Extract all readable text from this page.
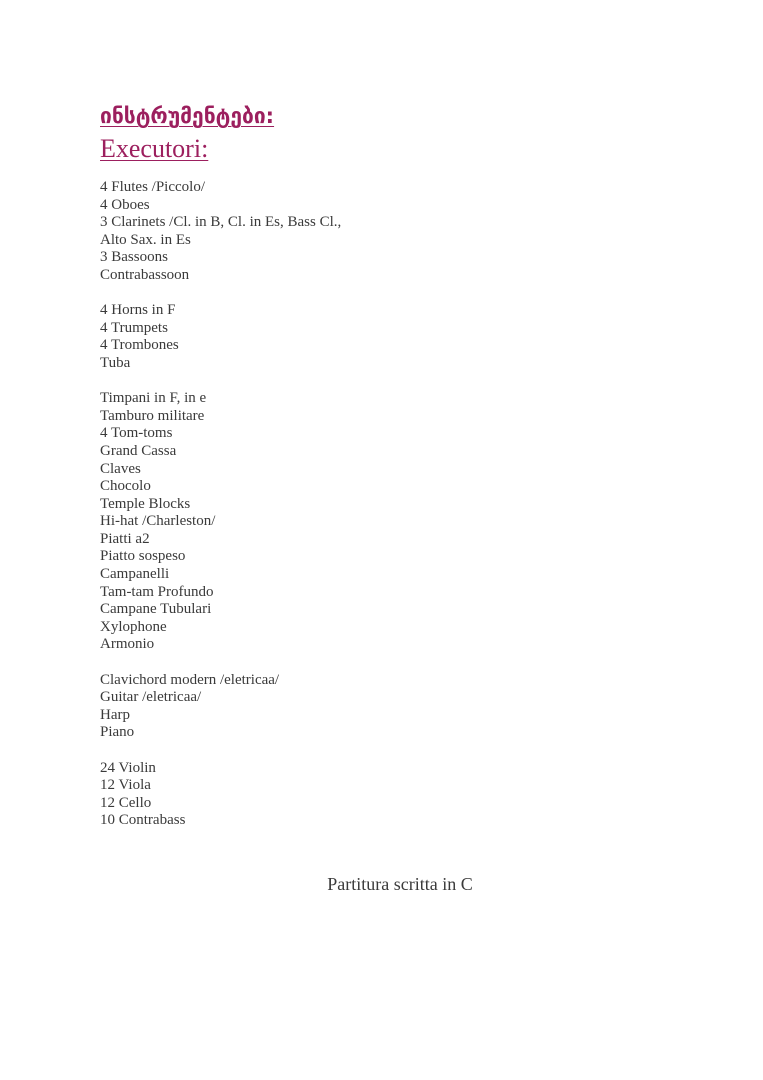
ინსტრუმენტები:
Executori:
4 Flutes /Piccolo/
4 Oboes
3 Clarinets /Cl. in B, Cl. in Es, Bass Cl.,
Alto Sax. in Es
3 Bassoons
Contrabassoon
4 Horns in F
4 Trumpets
4 Trombones
Tuba
Timpani in F, in e
Tamburo militare
4 Tom-toms
Grand Cassa
Claves
Chocolo
Temple Blocks
Hi-hat /Charleston/
Piatti a2
Piatto sospeso
Campanelli
Tam-tam Profundo
Campane Tubulari
Xylophone
Armonio
Clavichord modern /eletricaa/
Guitar /eletricaa/
Harp
Piano
24 Violin
12 Viola
12 Cello
10 Contrabass
Partitura scritta in C
